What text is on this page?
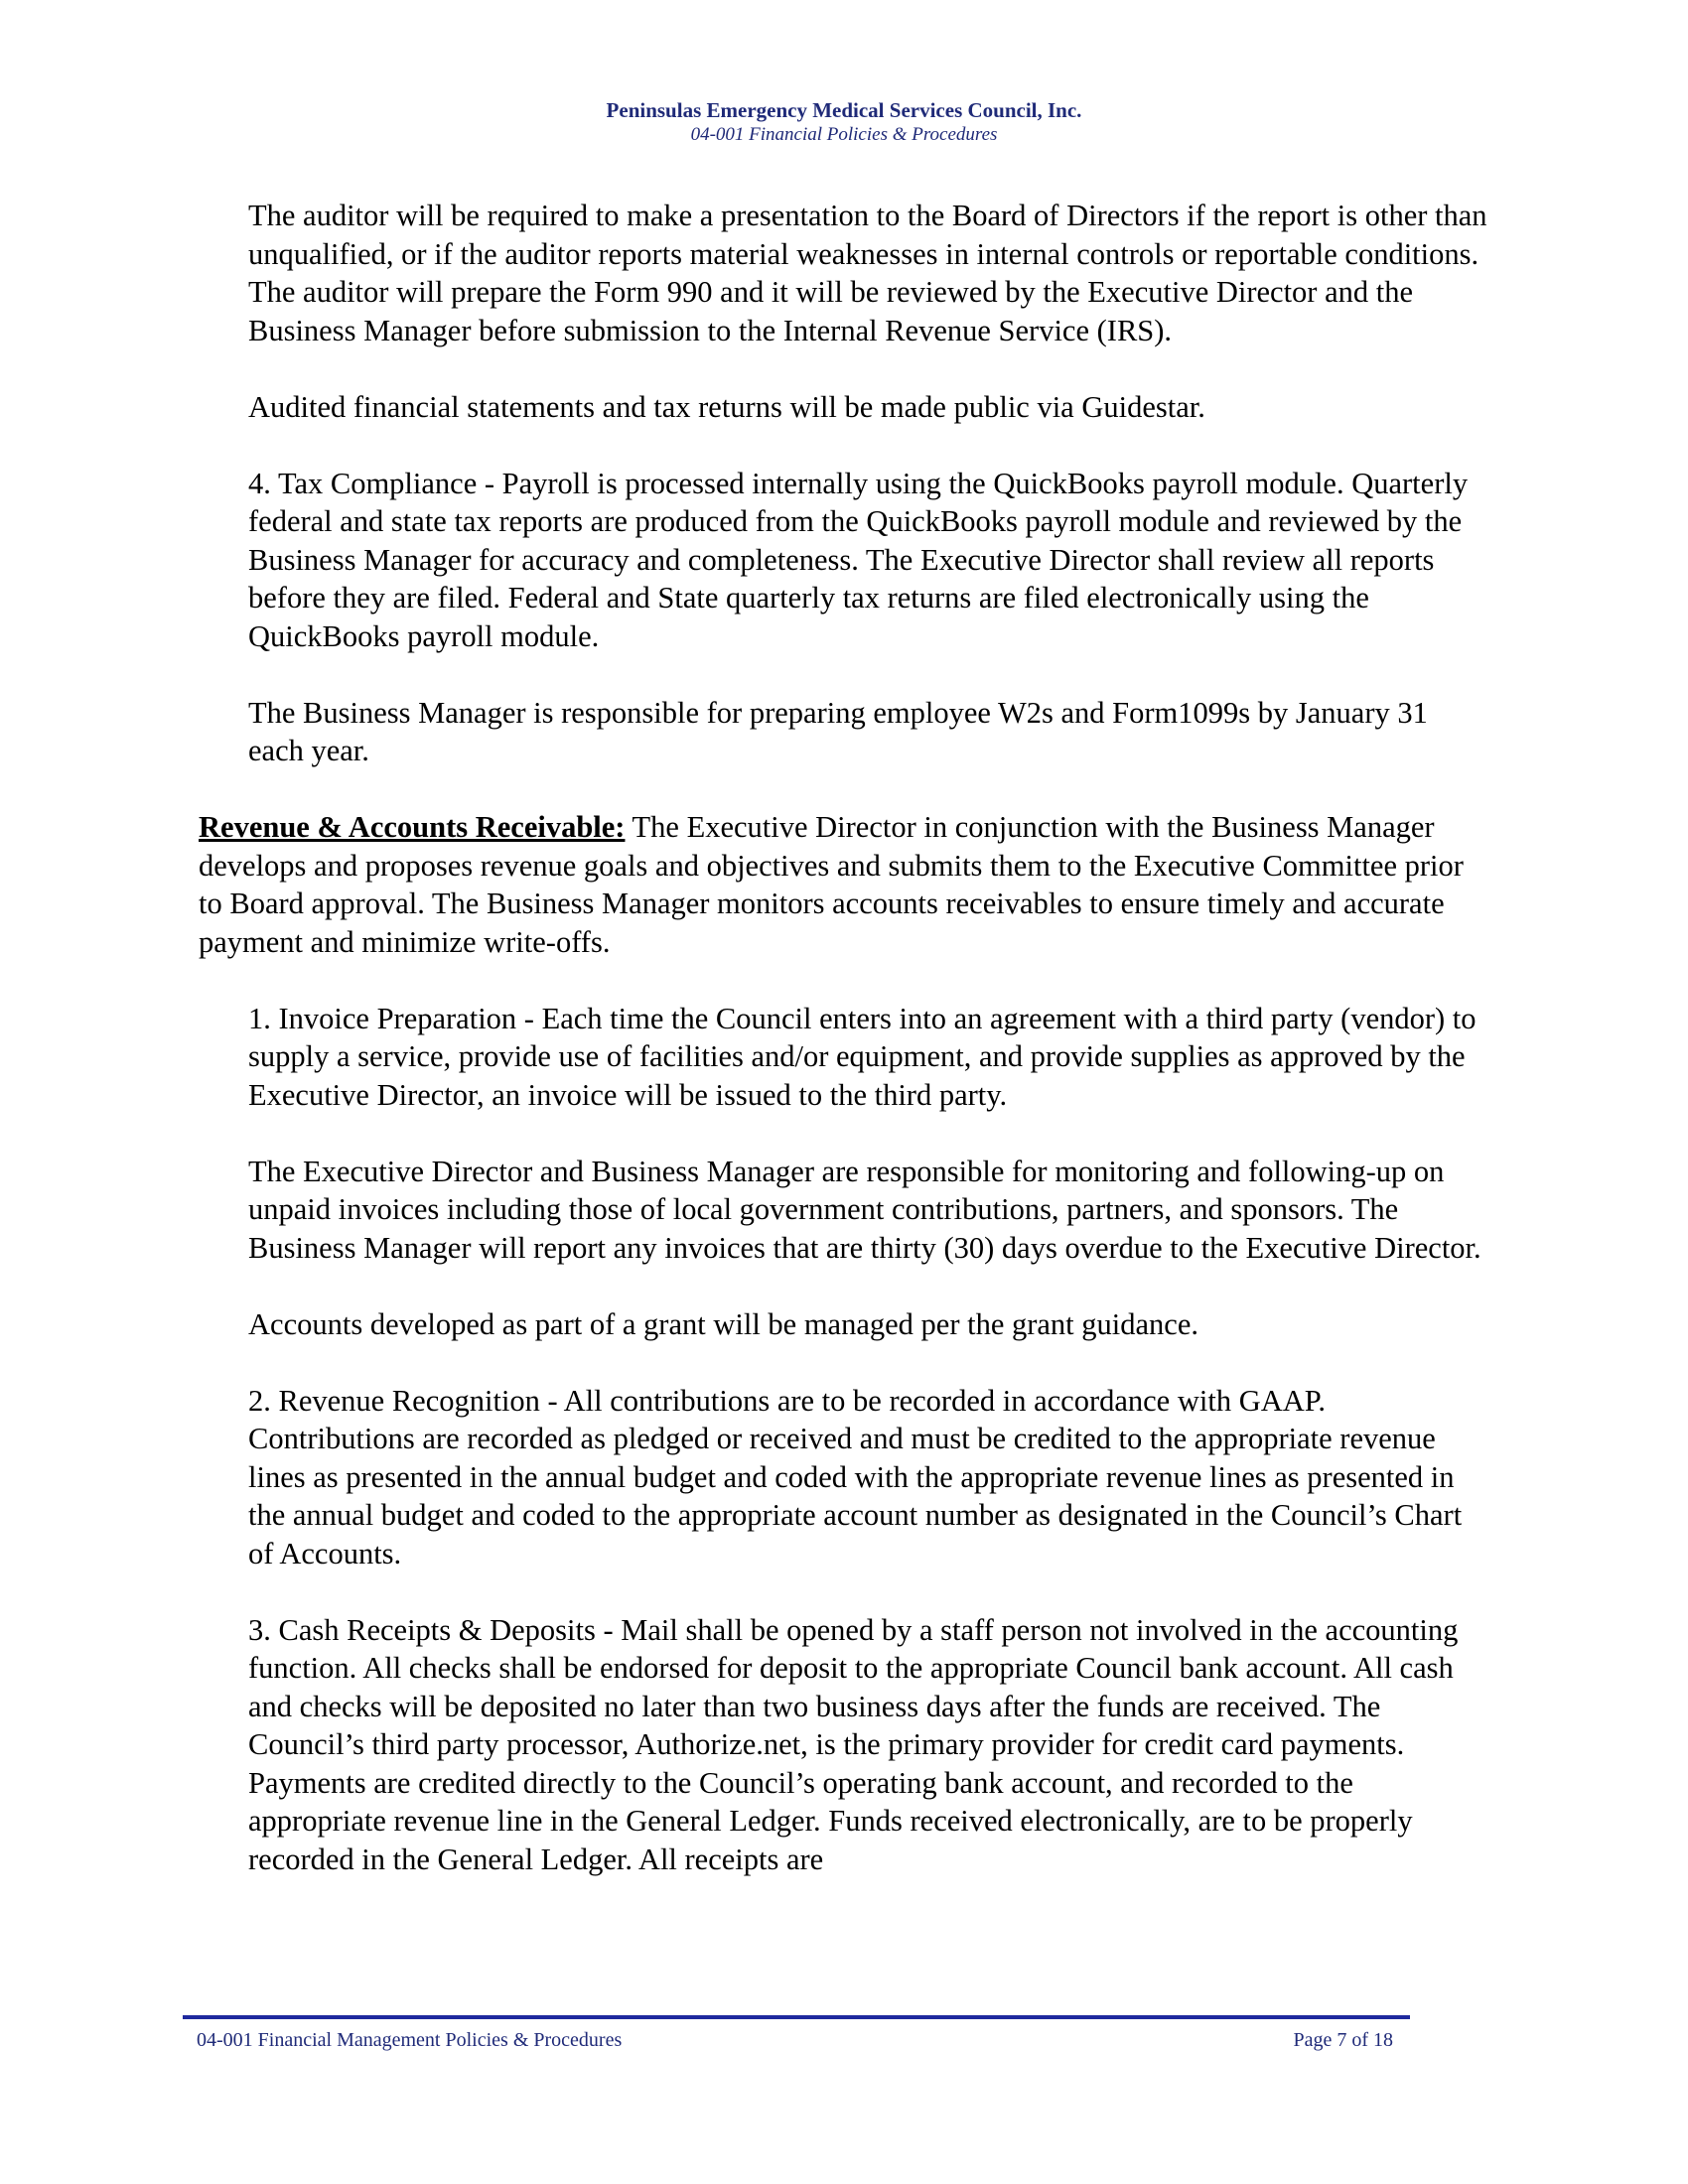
Peninsulas Emergency Medical Services Council, Inc.
04-001 Financial Policies & Procedures

The auditor will be required to make a presentation to the Board of Directors if the report is other than unqualified, or if the auditor reports material weaknesses in internal controls or reportable conditions.

The auditor will prepare the Form 990 and it will be reviewed by the Executive Director and the Business Manager before submission to the Internal Revenue Service (IRS).

Audited financial statements and tax returns will be made public via Guidestar.

4. Tax Compliance - Payroll is processed internally using the QuickBooks payroll module. Quarterly federal and state tax reports are produced from the QuickBooks payroll module and reviewed by the Business Manager for accuracy and completeness. The Executive Director shall review all reports before they are filed. Federal and State quarterly tax returns are filed electronically using the QuickBooks payroll module.

The Business Manager is responsible for preparing employee W2s and Form1099s by January 31 each year.

Revenue & Accounts Receivable: The Executive Director in conjunction with the Business Manager develops and proposes revenue goals and objectives and submits them to the Executive Committee prior to Board approval. The Business Manager monitors accounts receivables to ensure timely and accurate payment and minimize write-offs.

1. Invoice Preparation - Each time the Council enters into an agreement with a third party (vendor) to supply a service, provide use of facilities and/or equipment, and provide supplies as approved by the Executive Director, an invoice will be issued to the third party.

The Executive Director and Business Manager are responsible for monitoring and following-up on unpaid invoices including those of local government contributions, partners, and sponsors. The Business Manager will report any invoices that are thirty (30) days overdue to the Executive Director.

Accounts developed as part of a grant will be managed per the grant guidance.

2. Revenue Recognition - All contributions are to be recorded in accordance with GAAP. Contributions are recorded as pledged or received and must be credited to the appropriate revenue lines as presented in the annual budget and coded with the appropriate revenue lines as presented in the annual budget and coded to the appropriate account number as designated in the Council’s Chart of Accounts.

3. Cash Receipts & Deposits - Mail shall be opened by a staff person not involved in the accounting function. All checks shall be endorsed for deposit to the appropriate Council bank account. All cash and checks will be deposited no later than two business days after the funds are received. The Council’s third party processor, Authorize.net, is the primary provider for credit card payments. Payments are credited directly to the Council’s operating bank account, and recorded to the appropriate revenue line in the General Ledger. Funds received electronically, are to be properly recorded in the General Ledger. All receipts are

04-001 Financial Management Policies & Procedures	Page 7 of 18
